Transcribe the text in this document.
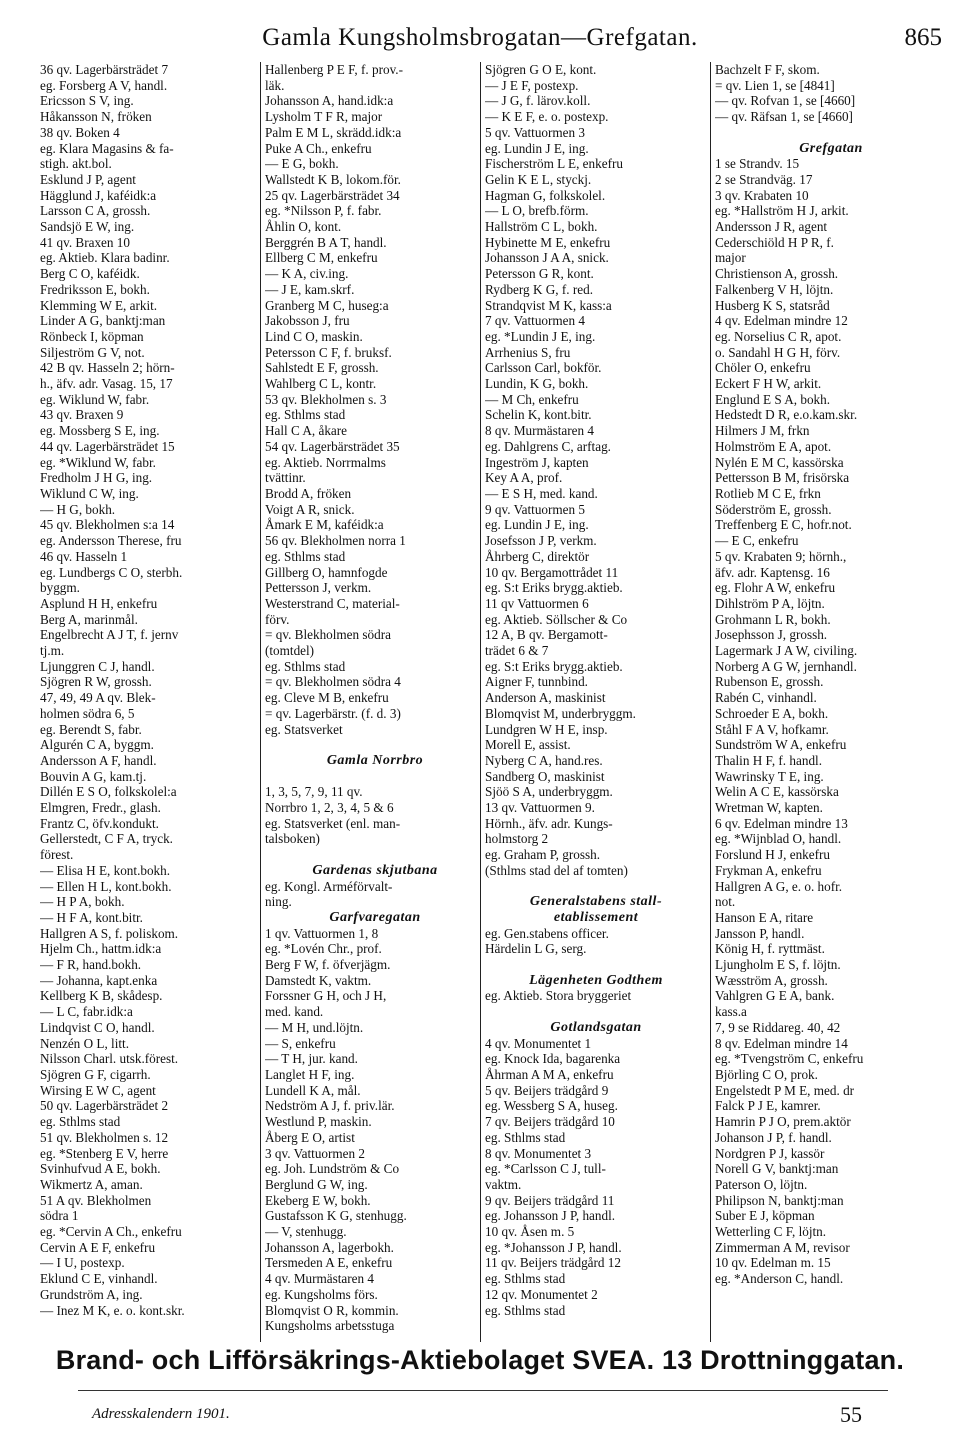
Gamla Kungsholmsbrogatan—Grefgatan.	865
36 qv. Lagerbärsträdet 7
eg. Forsberg A V, handl.
Ericsson S V, ing.
Håkansson N, fröken
38 qv. Boken 4
eg. Klara Magasins & fa-
stigh. akt.bol.
Esklund J P, agent
Hägglund J, kaféidk:a
Larsson C A, grossh.
Sandsjö E W, ing.
41 qv. Braxen 10
eg. Aktieb. Klara badinr.
Berg C O, kaféidk.
Fredriksson E, bokh.
Klemming W E, arkit.
Linder A G, banktj:man
Rönbeck I, köpman
Siljeström G V, not.
42 B qv. Hasseln 2; hörn-
h., äfv. adr. Vasag. 15, 17
eg. Wiklund W, fabr.
43 qv. Braxen 9
eg. Mossberg S E, ing.
44 qv. Lagerbärsträdet 15
eg. *Wiklund W, fabr.
Fredholm J H G, ing.
Wiklund C W, ing.
— H G, bokh.
45 qv. Blekholmen s:a 14
eg. Andersson Therese, fru
46 qv. Hasseln 1
eg. Lundbergs C O, sterbh.
byggm.
Asplund H H, enkefru
Berg A, marinmål.
Engelbrecht A J T, f. jernv
tj.m.
Ljunggren C J, handl.
Sjögren R W, grossh.
47, 49, 49 A qv. Blek-
holmen södra 6, 5
eg. Berendt S, fabr.
Algurén C A, byggm.
Andersson A F, handl.
Bouvin A G, kam.tj.
Dillén E S O, folkskolel:a
Elmgren, Fredr., glash.
Frantz C, öfv.kondukt.
Gellerstedt, C F A, tryck.
förest.
— Elisa H E, kont.bokh.
— Ellen H L, kont.bokh.
— H P A, bokh.
— H F A, kont.bitr.
Hallgren A S, f. poliskom.
Hjelm Ch., hattm.idk:a
— F R, hand.bokh.
— Johanna, kapt.enka
Kellberg K B, skådesp.
— L C, fabr.idk:a
Lindqvist C O, handl.
Nenzén O L, litt.
Nilsson Charl. utsk.förest.
Sjögren G F, cigarrh.
Wirsing E W C, agent
50 qv. Lagerbärsträdet 2
eg. Sthlms stad
51 qv. Blekholmen s. 12
eg. *Stenberg E V, herre
Svinhufvud A E, bokh.
Wikmertz A, aman.
51 A qv. Blekholmen
södra 1
eg. *Cervin A Ch., enkefru
Cervin A E F, enkefru
— I U, postexp.
Eklund C E, vinhandl.
Grundström A, ing.
— Inez M K, e. o. kont.skr.
Hallenberg P E F, f. prov.-
läk.
Johansson A, hand.idk:a
Lysholm T F R, major
Palm E M L, skrädd.idk:a
Puke A Ch., enkefru
— E G, bokh.
Wallstedt K B, lokom.för.
25 qv. Lagerbärsträdet 34
eg. *Nilsson P, f. fabr.
Åhlin O, kont.
Berggrén B A T, handl.
Ellberg C M, enkefru
— K A, civ.ing.
— J E, kam.skrf.
Granberg M C, huseg:a
Jakobsson J, fru
Lind C O, maskin.
Petersson C F, f. bruksf.
Sahlstedt E F, grossh.
Wahlberg C L, kontr.
53 qv. Blekholmen s. 3
eg. Sthlms stad
Hall C A, åkare
54 qv. Lagerbärsträdet 35
eg. Aktieb. Norrmalms
tvättinr.
Brodd A, fröken
Voigt A R, snick.
Åmark E M, kaféidk:a
56 qv. Blekholmen norra 1
eg. Sthlms stad
Gillberg O, hamnfogde
Pettersson J, verkm.
Westerstrand C, material-
förv.
= qv. Blekholmen södra
(tomtdel)
eg. Sthlms stad
= qv. Blekholmen södra 4
eg. Cleve M B, enkefru
= qv. Lagerbärstr. (f. d. 3)
eg. Statsverket

Gamla Norrbro

1, 3, 5, 7, 9, 11 qv.
Norrbro 1, 2, 3, 4, 5 & 6
eg. Statsverket (enl. man-
talsboken)

Gardenas skjutbana
eg. Kongl. Arméförvalt-
ning.
Garfvaregatan
1 qv. Vattuormen 1, 8
eg. *Lovén Chr., prof.
Berg F W, f. öfverjägm.
Damstedt K, vaktm.
Forssner G H, och J H,
med. kand.
— M H, und.löjtn.
— S, enkefru
— T H, jur. kand.
Langlet H F, ing.
Lundell K A, mål.
Nedström A J, f. priv.lär.
Westlund P, maskin.
Åberg E O, artist
3 qv. Vattuormen 2
eg. Joh. Lundström & Co
Berglund G W, ing.
Ekeberg E W, bokh.
Gustafsson K G, stenhugg.
— V, stenhugg.
Johansson A, lagerbokh.
Tersmeden A E, enkefru
4 qv. Murmästaren 4
eg. Kungsholms förs.
Blomqvist O R, kommin.
Kungsholms arbetsstuga
Sjögren G O E, kont.
— J E F, postexp.
— J G, f. lärov.koll.
— K E F, e. o. postexp.
5 qv. Vattuormen 3
eg. Lundin J E, ing.
Fischerström L E, enkefru
Gelin K E L, styckj.
Hagman G, folkskolel.
— L O, brefb.förm.
Hallström C L, bokh.
Hybinette M E, enkefru
Johansson J A A, snick.
Petersson G R, kont.
Rydberg K G, f. red.
Strandqvist M K, kass:a
7 qv. Vattuormen 4
eg. *Lundin J E, ing.
Arrhenius S, fru
Carlsson Carl, bokför.
Lundin, K G, bokh.
— M Ch, enkefru
Schelin K, kont.bitr.
8 qv. Murmästaren 4
eg. Dahlgrens C, arftag.
Ingeström J, kapten
Key A A, prof.
— E S H, med. kand.
9 qv. Vattuormen 5
eg. Lundin J E, ing.
Josefsson J P, verkm.
Åhrberg C, direktör
10 qv. Bergamottrådet 11
eg. S:t Eriks brygg.aktieb.
11 qv Vattuormen 6
eg. Aktieb. Söllscher & Co
12 A, B qv. Bergamott-
trädet 6 & 7
eg. S:t Eriks brygg.aktieb.
Aigner F, tunnbind.
Anderson A, maskinist
Blomqvist M, underbryggm.
Lundgren W H E, insp.
Morell E, assist.
Nyberg C A, hand.res.
Sandberg O, maskinist
Sjöö S A, underbryggm.
13 qv. Vattuormen 9.
Hörnh., äfv. adr. Kungs-
holmstorg 2
eg. Graham P, grossh.
(Sthlms stad del af tomten)

Generalstabens stall-
etablissement
eg. Gen.stabens officer.
Härdelin L G, serg.

Lägenheten Godthem
eg. Aktieb. Stora bryggeriet

Gotlandsgatan
4 qv. Monumentet 1
eg. Knock Ida, bagarenka
Åhrman A M A, enkefru
5 qv. Beijers trädgård 9
eg. Wessberg S A, huseg.
7 qv. Beijers trädgård 10
eg. Sthlms stad
8 qv. Monumentet 3
eg. *Carlsson C J, tull-
vaktm.
9 qv. Beijers trädgård 11
eg. Johansson J P, handl.
10 qv. Åsen m. 5
eg. *Johansson J P, handl.
11 qv. Beijers trädgård 12
eg. Sthlms stad
12 qv. Monumentet 2
eg. Sthlms stad
Bachzelt F F, skom.
= qv. Lien 1, se [4841]
— qv. Rofvan 1, se [4660]
— qv. Räfsan 1, se [4660]

Grefgatan
1 se Strandv. 15
2 se Strandväg. 17
3 qv. Krabaten 10
eg. *Hallström H J, arkit.
Andersson J R, agent
Cederschiöld H P R, f.
major
Christienson A, grossh.
Falkenberg V H, löjtn.
Husberg K S, statsråd
4 qv. Edelman mindre 12
eg. Norselius C R, apot.
o. Sandahl H G H, förv.
Chöler O, enkefru
Eckert F H W, arkit.
Englund E S A, bokh.
Hedstedt D R, e.o.kam.skr.
Hilmers J M, frkn
Holmström E A, apot.
Nylén E M C, kassörska
Pettersson B M, frisörska
Rotlieb M C E, frkn
Söderström E, grossh.
Treffenberg E C, hofr.not.
— E C, enkefru
5 qv. Krabaten 9; hörnh.,
äfv. adr. Kaptensg. 16
eg. Flohr A W, enkefru
Dihlström P A, löjtn.
Grohmann L R, bokh.
Josephsson J, grossh.
Lagermark J A W, civiling.
Norberg A G W, jernhandl.
Rubenson E, grossh.
Rabén C, vinhandl.
Schroeder E A, bokh.
Ståhl F A V, hofkamr.
Sundström W A, enkefru
Thalin H F, f. handl.
Wawrinsky T E, ing.
Welin A C E, kassörska
Wretman W, kapten.
6 qv. Edelman mindre 13
eg. *Wijnblad O, handl.
Forslund H J, enkefru
Frykman A, enkefru
Hallgren A G, e. o. hofr.
not.
Hanson E A, ritare
Jansson P, handl.
König H, f. ryttmäst.
Ljungholm E S, f. löjtn.
Wæsström A, grossh.
Vahlgren G E A, bank.
kass.a
7, 9 se Riddareg. 40, 42
8 qv. Edelman mindre 14
eg. *Tvengström C, enkefru
Björling C O, prok.
Engelstedt P M E, med. dr
Falck P J E, kamrer.
Hamrin P J O, prem.aktör
Johanson J P, f. handl.
Nordgren P J, kassör
Norell G V, banktj:man
Paterson O, löjtn.
Philipson N, banktj:man
Suber E J, köpman
Wetterling C F, löjtn.
Zimmerman A M, revisor
10 qv. Edelman m. 15
eg. *Anderson C, handl.
Brand- och Lifförsäkrings-Aktiebolaget SVEA. 13 Drottninggatan.
Adresskalendern 1901.	55
